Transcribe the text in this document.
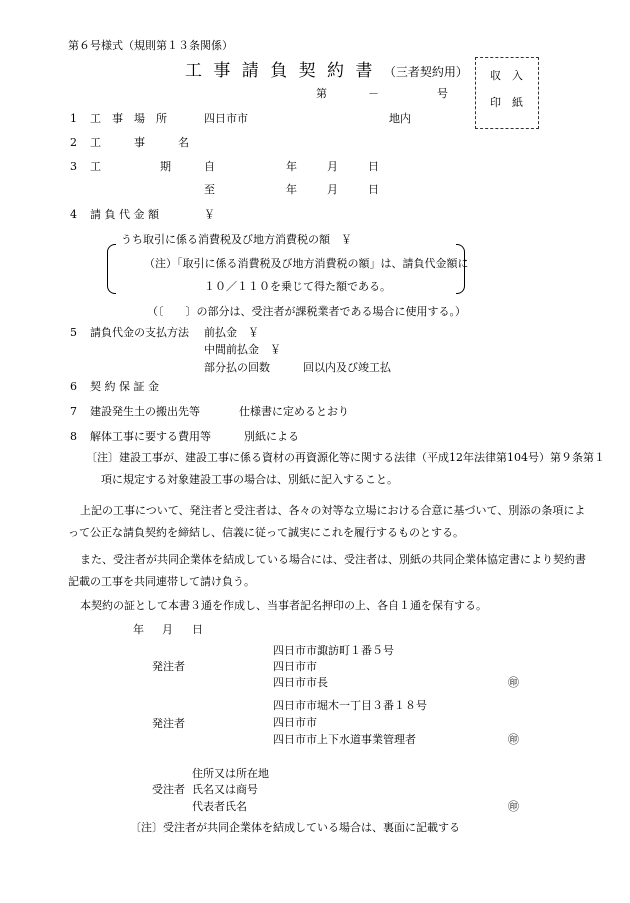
第６号様式（規則第１３条関係）
工 事 請 負 契 約 書 （三者契約用）
第	－	号
収　入
印　紙
1 工　事　場　所	四日市市	地内
2 工　　　事　　　名
3 工	期	自	年	月	日
至	年	月	日
4 請 負 代 金 額	￥
うち取引に係る消費税及び地方消費税の額　￥
（注）「取引に係る消費税及び地方消費税の額」は、請負代金額に
１０／１１０を乗じて得た額である。
（〔　　〕の部分は、受注者が課税業者である場合に使用する。）
5 請負代金の支払方法 前払金　￥
中間前払金　￥
部分払の回数	回以内及び竣工払
6 契 約 保 証 金
7 建設発生土の搬出先等	仕様書に定めるとおり
8 解体工事に要する費用等	別紙による
〔注〕建設工事が、建設工事に係る資材の再資源化等に関する法律（平成12年法律第104号）第９条第１
項に規定する対象建設工事の場合は、別紙に記入すること。
上記の工事について、発注者と受注者は、各々の対等な立場における合意に基づいて、別添の条項によ
って公正な請負契約を締結し、信義に従って誠実にこれを履行するものとする。
また、受注者が共同企業体を結成している場合には、受注者は、別紙の共同企業体協定書により契約書
記載の工事を共同連帯して請け負う。
本契約の証として本書３通を作成し、当事者記名押印の上、各自１通を保有する。
年 月 日
四日市市諏訪町１番５号
発注者	四日市市
四日市市長	㊞
四日市市堀木一丁目３番１８号
発注者	四日市市
四日市市上下水道事業管理者	㊞
住所又は所在地
受注者 氏名又は商号
代表者氏名	㊞
〔注〕受注者が共同企業体を結成している場合は、裏面に記載する
